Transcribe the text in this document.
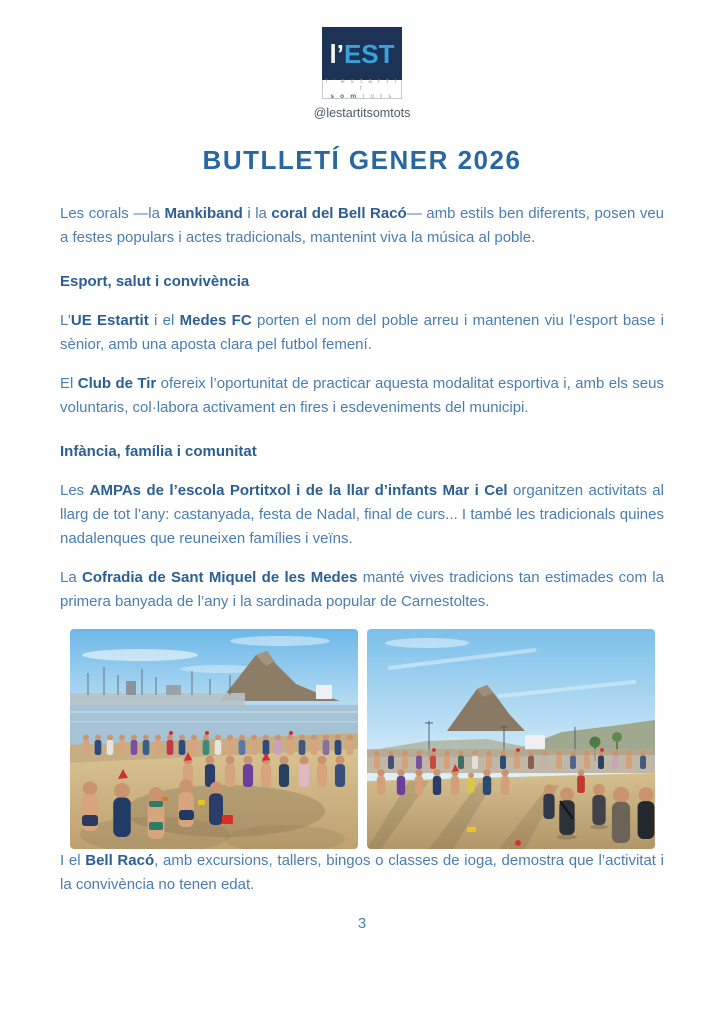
l’ EST
l ’ e s t a r t i t
s o m t o t s
@lestartitsomtots
BUTLLETÍ GENER 2026

Les corals —la Mankiband i la coral del Bell Racó— amb estils ben diferents, posen veu a festes populars i actes tradicionals, mantenint viva la música al poble.

Esport, salut i convivència

L’UE Estartit i el Medes FC porten el nom del poble arreu i mantenen viu l’esport base i sènior, amb una aposta clara pel futbol femení.

El Club de Tir ofereix l’oportunitat de practicar aquesta modalitat esportiva i, amb els seus voluntaris, col·labora activament en fires i esdeveniments del municipi.

Infància, família i comunitat

Les AMPAs de l’escola Portitxol i de la llar d’infants Mar i Cel organitzen activitats al llarg de tot l’any: castanyada, festa de Nadal, final de curs... I també les tradicionals quines nadalenques que reuneixen famílies i veïns.

La Cofradia de Sant Miquel de les Medes manté vives tradicions tan estimades com la primera banyada de l’any i la sardinada popular de Carnestoltes.

I el Bell Racó, amb excursions, tallers, bingos o classes de ioga, demostra que l’activitat i la convivència no tenen edat.

3
